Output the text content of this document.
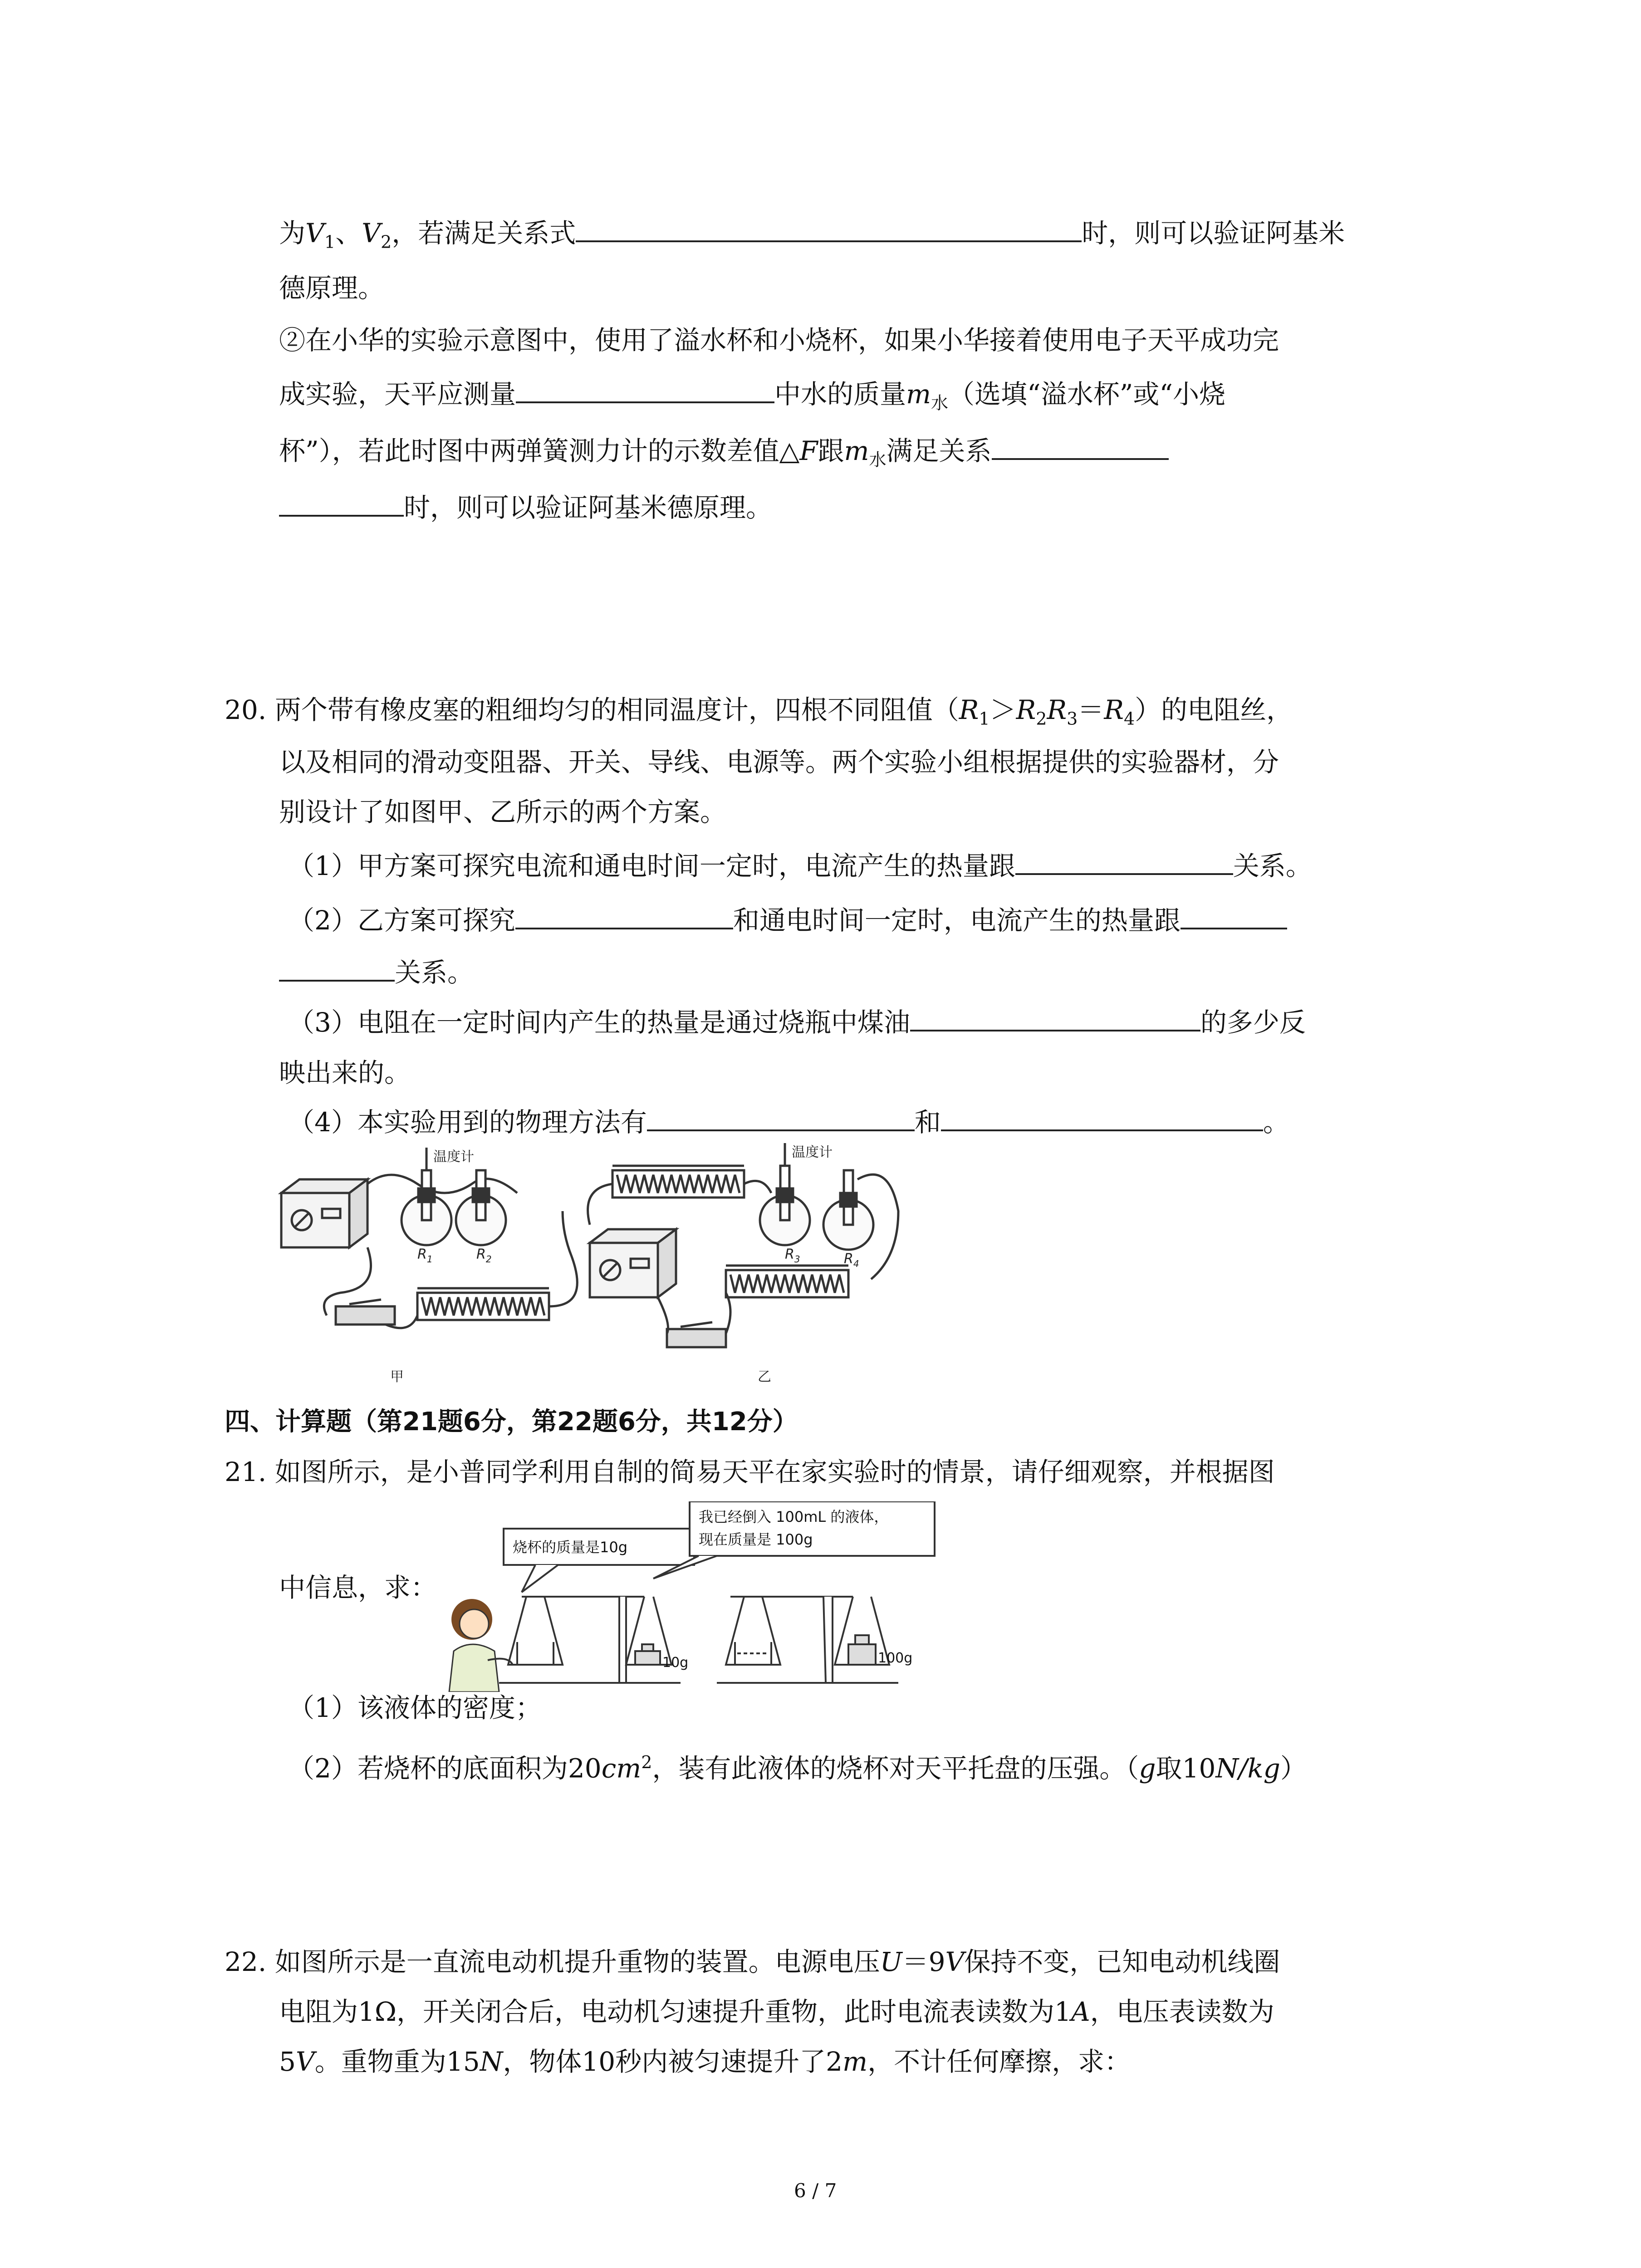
为$V_1$、$V_2$，若满足关系式	时，则可以验证阿基米
德原理。
②在小华的实验示意图中，使用了溢水杯和小烧杯，如果小华接着使用电子天平成功完
成实验，天平应测量	中水的质量$m_水$（选填“溢水杯”或“小烧
杯”），若此时图中两弹簧测力计的示数差值△F跟$m_水$满足关系
时，则可以验证阿基米德原理。
20. 两个带有橡皮塞的粗细均匀的相同温度计，四根不同阻值$(R_1>R_2R_3=R_4)$的电阻丝，
以及相同的滑动变阻器、开关、导线、电源等。两个实验小组根据提供的实验器材，分
别设计了如图甲、乙所示的两个方案。
（1）甲方案可探究电流和通电时间一定时，电流产生的热量跟	关系。
（2）乙方案可探究	和通电时间一定时，电流产生的热量跟
关系。
（3）电阻在一定时间内产生的热量是通过烧瓶中煤油	的多少反
映出来的。
（4）本实验用到的物理方法有	和	。
温度计	温度计
$R_1$	$R_2$	$R_3$	$R_4$
甲	乙
四、计算题（第21题6分，第22题6分，共12分）
21. 如图所示，是小普同学利用自制的简易天平在家实验时的情景，请仔细观察，并根据图
中信息，求：
烧杯的质量是10g
我已经倒入 100mL 的液体，
现在质量是 100g
10g	100g
（1）该液体的密度；
（2）若烧杯的底面积为$20cm^2$，装有此液体的烧杯对天平托盘的压强。（g取10N/kg）
22. 如图所示是一直流电动机提升重物的装置。电源电压U＝9V保持不变，已知电动机线圈
电阻为1Ω，开关闭合后，电动机匀速提升重物，此时电流表读数为1A，电压表读数为
5V。重物重为15N，物体10秒内被匀速提升了2m，不计任何摩擦，求：
6 / 7
